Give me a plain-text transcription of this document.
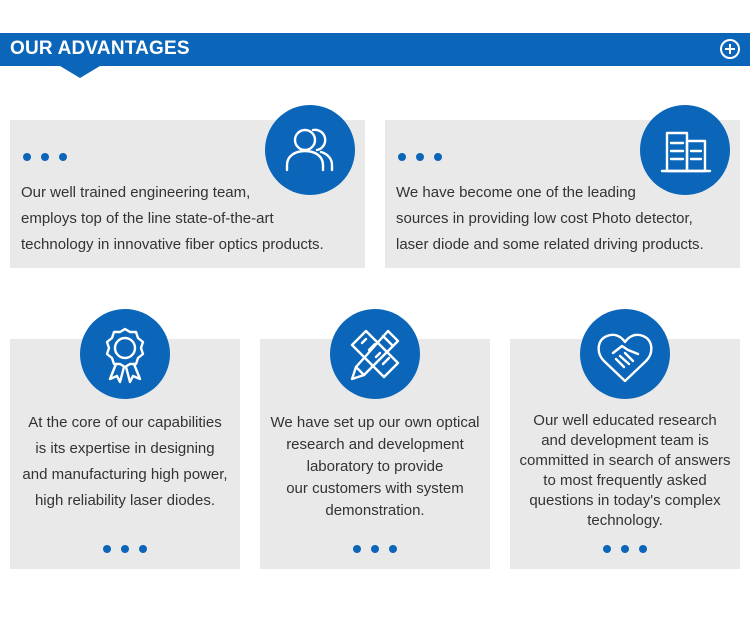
OUR ADVANTAGES
Our well trained engineering team,
employs top of the line state-of-the-art
technology in innovative fiber optics products.
We have become one of the leading
sources in providing low cost Photo detector,
laser diode and some related driving products.
At the core of our capabilities
is its expertise in designing
and manufacturing high power,
high reliability laser diodes.
We have set up our own optical
research and development
laboratory to provide
our customers with system
demonstration.
Our well educated research
and development team is
committed in search of answers
to most frequently asked
questions in today's complex
technology.
